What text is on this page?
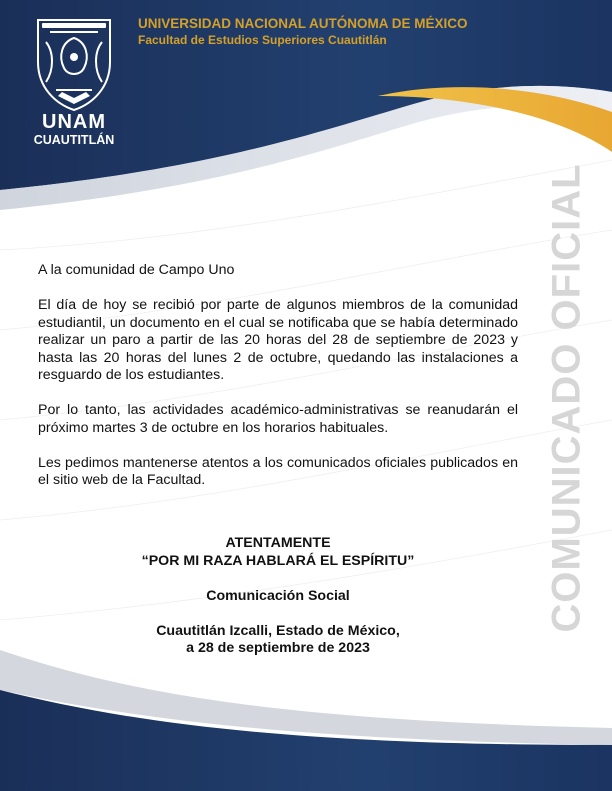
UNAM
CUAUTITLÁN
UNIVERSIDAD NACIONAL AUTÓNOMA DE MÉXICO
Facultad de Estudios Superiores Cuautitlán
COMUNICADO OFICIAL

A la comunidad de Campo Uno

El día de hoy se recibió por parte de algunos miembros de la comunidad estudiantil, un documento en el cual se notificaba que se había determinado realizar un paro a partir de las 20 horas del 28 de septiembre de 2023 y hasta las 20 horas del lunes 2 de octubre, quedando las instalaciones a resguardo de los estudiantes.

Por lo tanto, las actividades académico-administrativas se reanudarán el próximo martes 3 de octubre en los horarios habituales.

Les pedimos mantenerse atentos a los comunicados oficiales publicados en el sitio web de la Facultad.

ATENTAMENTE
“POR MI RAZA HABLARÁ EL ESPÍRITU”
Comunicación Social
Cuautitlán Izcalli, Estado de México,
a 28 de septiembre de 2023
